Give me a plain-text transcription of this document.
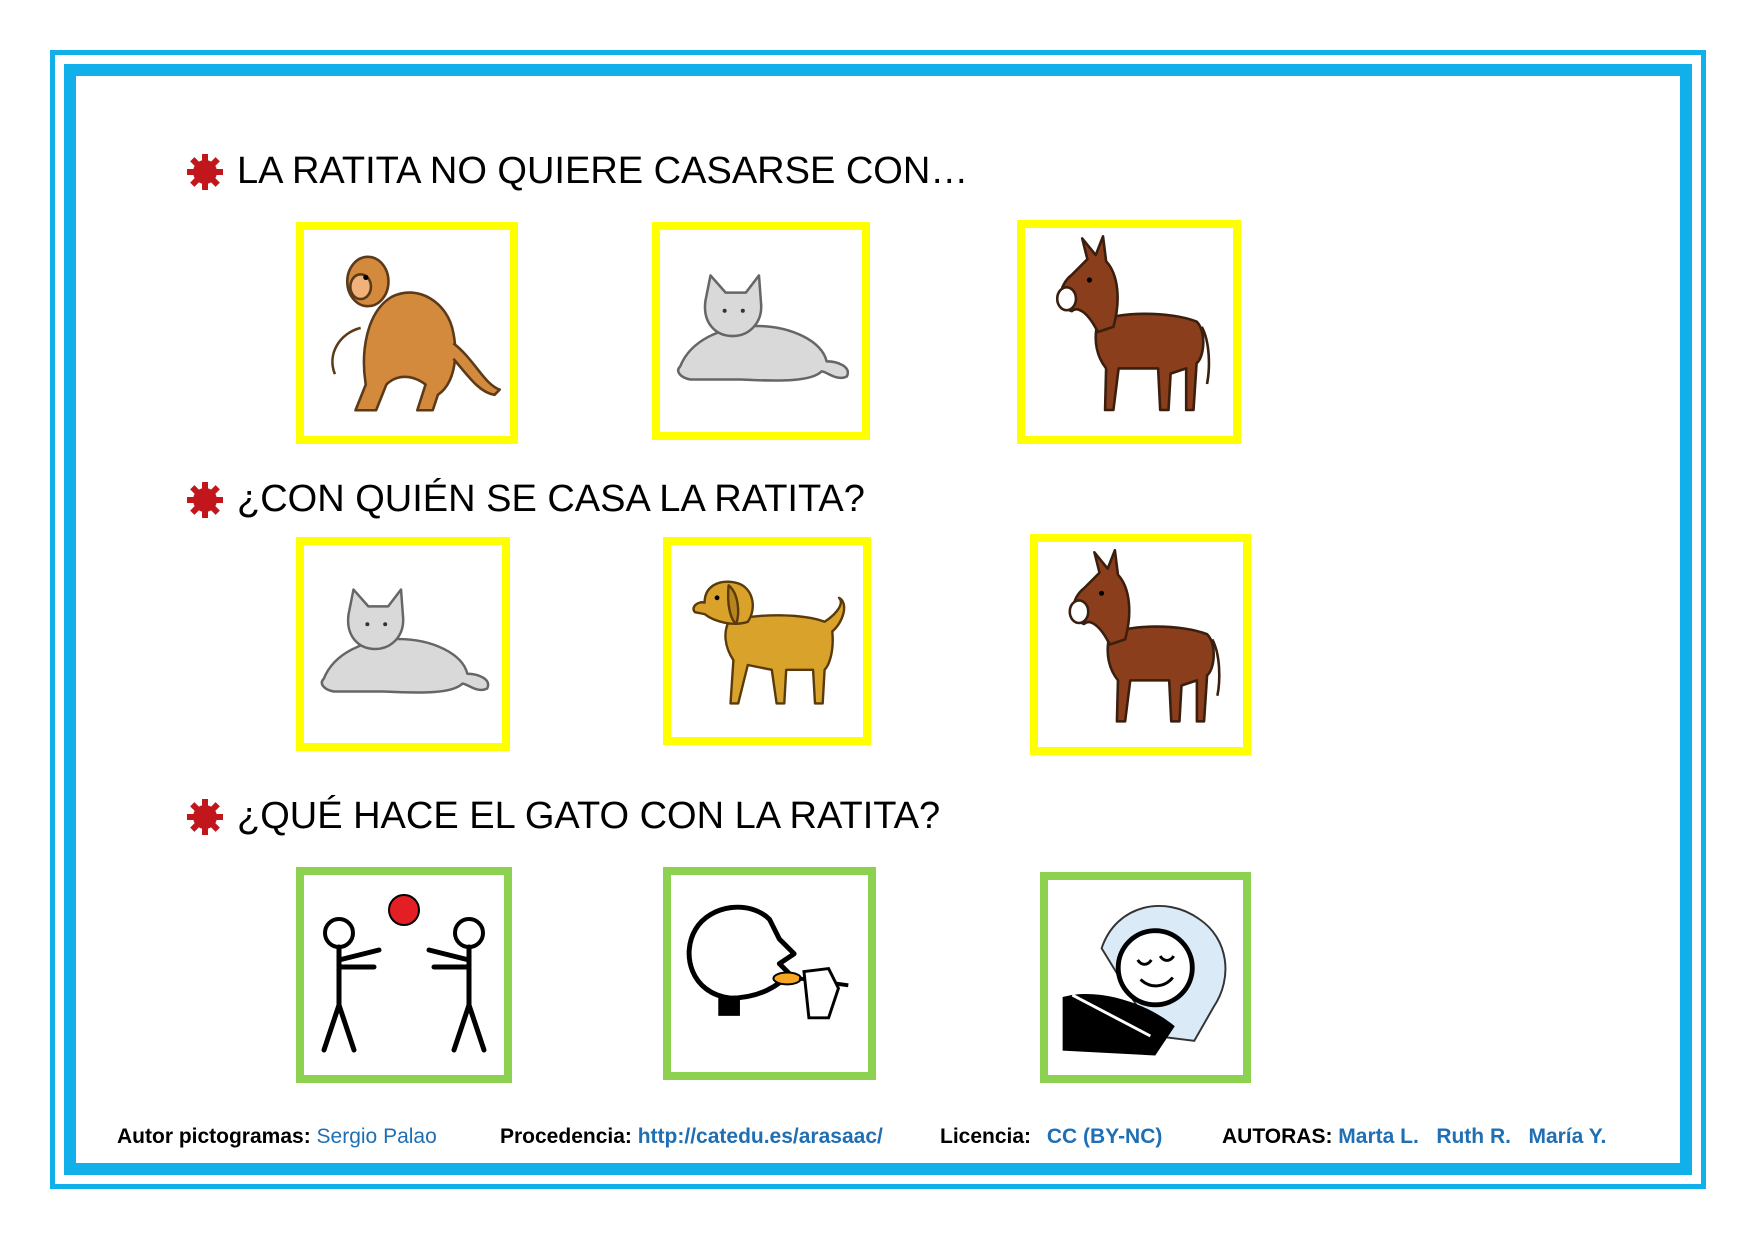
LA RATITA NO QUIERE CASARSE CON…
¿CON QUIÉN SE CASA LA RATITA?
¿QUÉ HACE EL GATO CON LA RATITA?
Autor pictogramas: Sergio Palao	Procedencia: http://catedu.es/arasaac/	Licencia: CC (BY-NC)	AUTORAS: Marta L.   Ruth R.   María Y.
